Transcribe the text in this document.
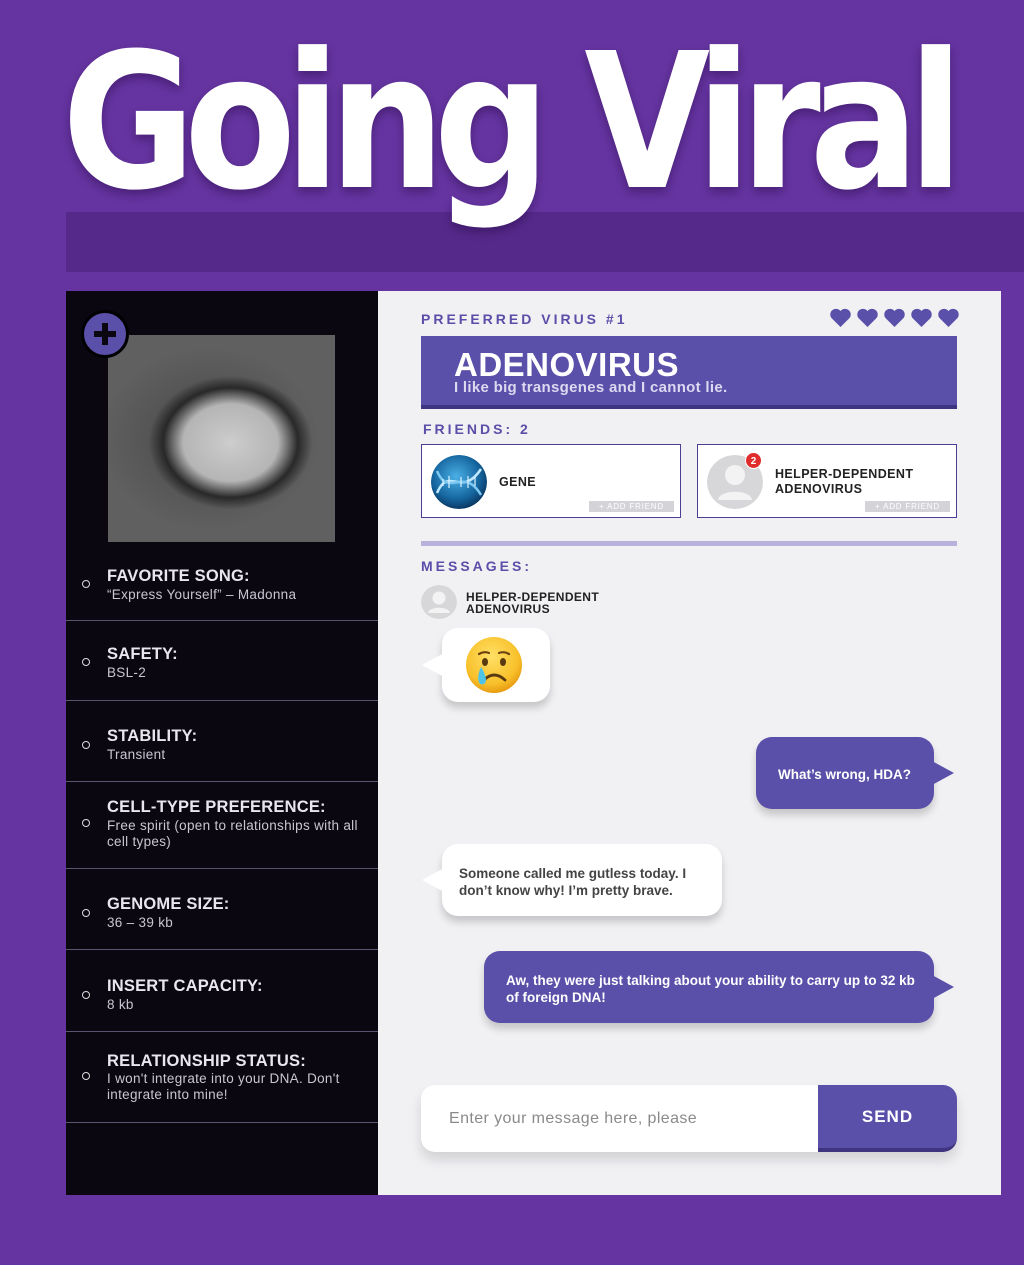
Going Viral
FAVORITE SONG:
“Express Yourself” – Madonna
SAFETY:
BSL-2
STABILITY:
Transient
CELL-TYPE PREFERENCE:
Free spirit (open to relationships with all cell types)
GENOME SIZE:
36 – 39 kb
INSERT CAPACITY:
8 kb
RELATIONSHIP STATUS:
I won't integrate into your DNA. Don't integrate into mine!
PREFERRED VIRUS #1
ADENOVIRUS
I like big transgenes and I cannot lie.
FRIENDS: 2
GENE
+ ADD FRIEND
2
HELPER-DEPENDENT ADENOVIRUS
+ ADD FRIEND
MESSAGES:
HELPER-DEPENDENT ADENOVIRUS
What’s wrong, HDA?
Someone called me gutless today. I don’t know why! I’m pretty brave.
Aw, they were just talking about your ability to carry up to 32 kb of foreign DNA!
Enter your message here, please
SEND
